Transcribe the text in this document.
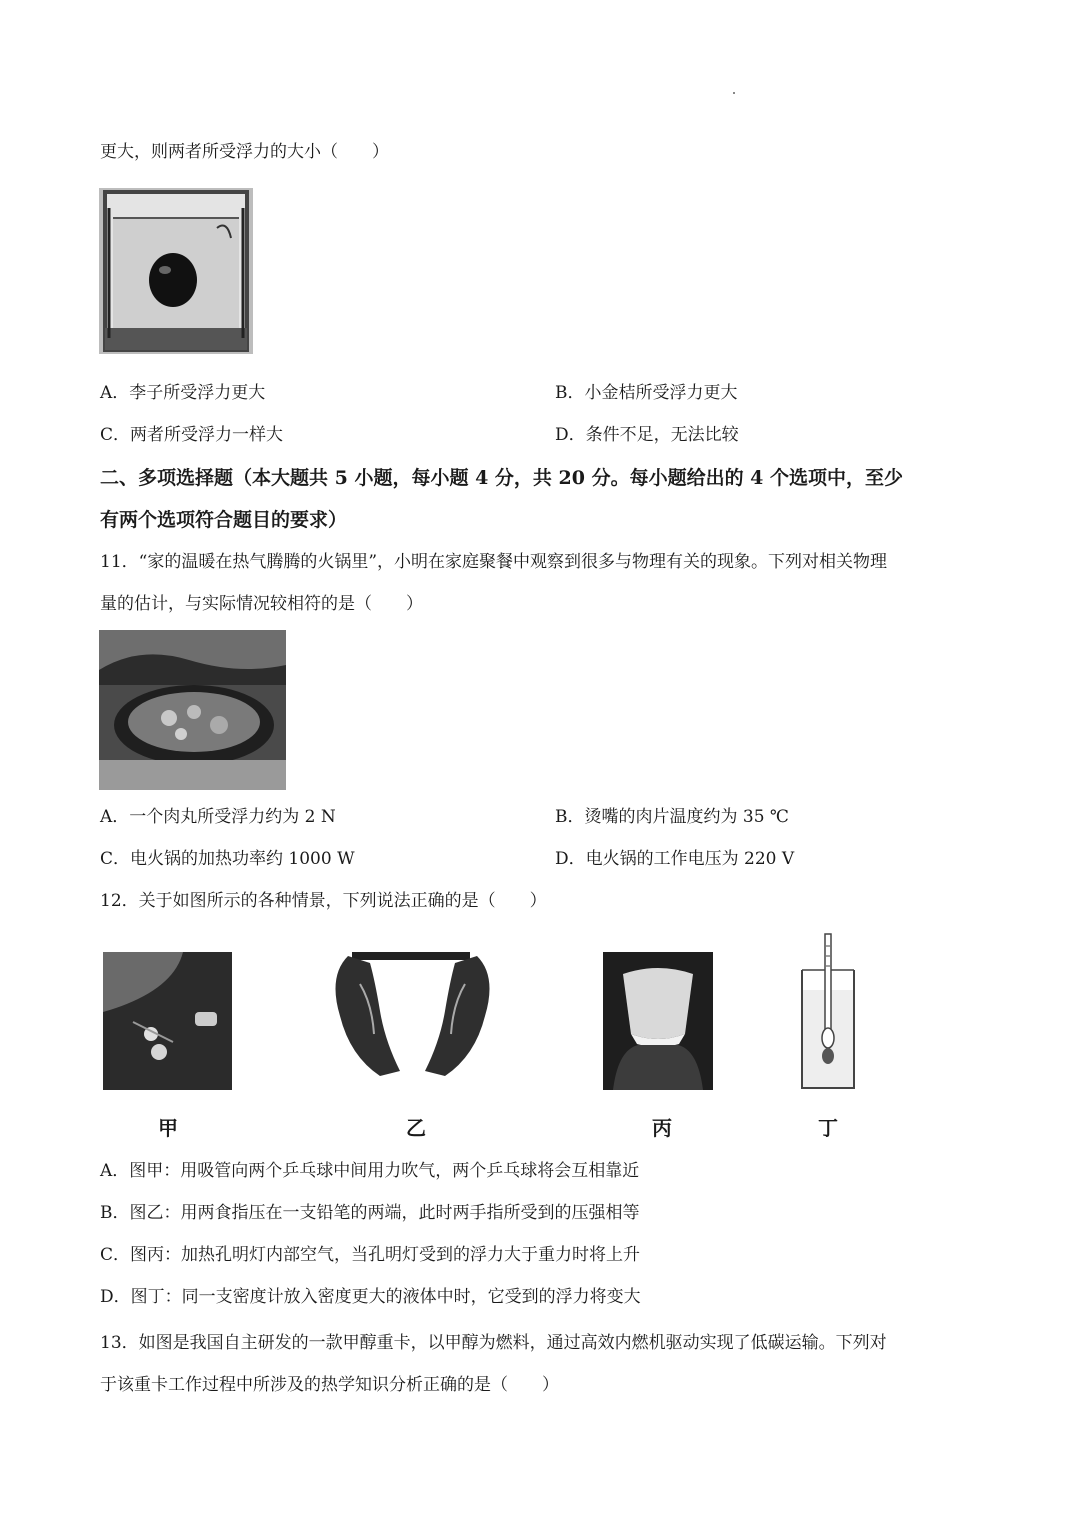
更大，则两者所受浮力的大小（　　）
A．李子所受浮力更大	B．小金桔所受浮力更大
C．两者所受浮力一样大	D．条件不足，无法比较
二、多项选择题（本大题共 5 小题，每小题 4 分，共 20 分。每小题给出的 4 个选项中，至少
有两个选项符合题目的要求）
11．“家的温暖在热气腾腾的火锅里”，小明在家庭聚餐中观察到很多与物理有关的现象。下列对相关物理
量的估计，与实际情况较相符的是（　　）
A．一个肉丸所受浮力约为 2 N	B．烫嘴的肉片温度约为 35 ℃
C．电火锅的加热功率约 1000 W	D．电火锅的工作电压为 220 V
12．关于如图所示的各种情景，下列说法正确的是（　　）
甲	乙	丙	丁
A．图甲：用吸管向两个乒乓球中间用力吹气，两个乒乓球将会互相靠近
B．图乙：用两食指压在一支铅笔的两端，此时两手指所受到的压强相等
C．图丙：加热孔明灯内部空气，当孔明灯受到的浮力大于重力时将上升
D．图丁：同一支密度计放入密度更大的液体中时，它受到的浮力将变大
13．如图是我国自主研发的一款甲醇重卡，以甲醇为燃料，通过高效内燃机驱动实现了低碳运输。下列对
于该重卡工作过程中所涉及的热学知识分析正确的是（　　）
